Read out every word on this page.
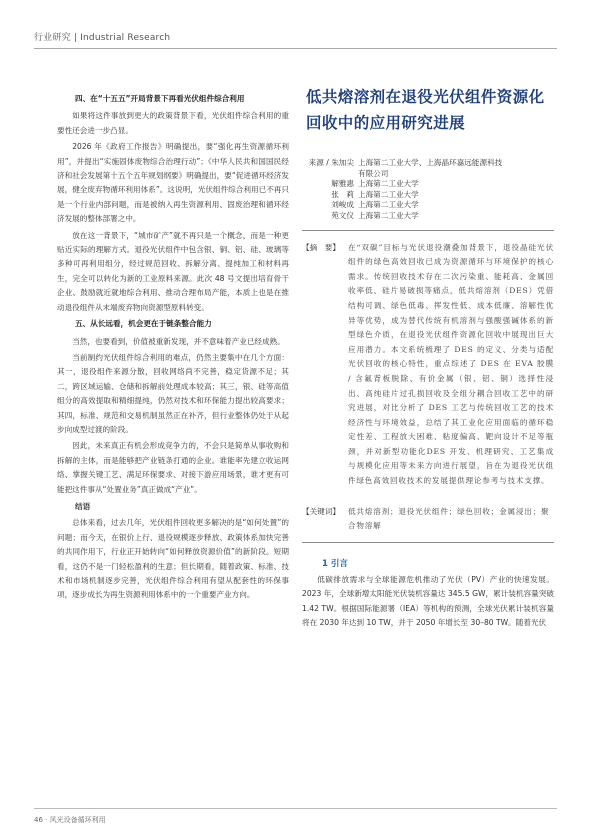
行业研究 | Industrial Research
四、在“十五五”开局背景下再看光伏组件综合利用

如果将这件事放到更大的政策背景下看，光伏组件综合利用的重要性还会进一步凸显。

2026 年《政府工作报告》明确提出，要“强化再生资源循环利用”，并提出“实施固体废物综合治理行动”；《中华人民共和国国民经济和社会发展第十五个五年规划纲要》明确提出，要“促进循环经济发展，健全废弃物循环利用体系”。这说明，光伏组件综合利用已不再只是一个行业内部问题，而是被纳入再生资源利用、固废治理和循环经济发展的整体部署之中。

放在这一背景下，“城市矿产”就不再只是一个概念，而是一种更贴近实际的理解方式。退役光伏组件中包含银、铜、铝、硅、玻璃等多种可再利用组分，经过规范回收、拆解分离、提纯加工和材料再生，完全可以转化为新的工业原料来源。此次 48 号文提出培育骨干企业、鼓励就近就地综合利用、推动合理布局产能，本质上也是在推动退役组件从末端废弃物向资源型原料转变。

五、从长远看，机会更在于链条整合能力

当然，也要看到，价值被重新发现，并不意味着产业已经成熟。

当前制约光伏组件综合利用的难点，仍然主要集中在几个方面：其一，退役组件来源分散，回收网络尚不完善，稳定货源不足；其二，跨区域运输、仓储和拆解前处理成本较高；其三，银、硅等高值组分的高效提取和精细提纯，仍然对技术和环保能力提出较高要求；其四，标准、规范和交易机制虽然正在补齐，但行业整体仍处于从起步向成型过渡的阶段。

因此，未来真正有机会形成竞争力的，不会只是简单从事收购和拆解的主体，而是能够把产业链条打通的企业。谁能率先建立收运网络、掌握关键工艺、满足环保要求、对接下游应用场景，谁才更有可能把这件事从“处置业务”真正做成“产业”。

结语

总体来看，过去几年，光伏组件回收更多解决的是“如何处置”的问题；而今天，在银价上行、退役规模逐步释放、政策体系加快完善的共同作用下，行业正开始转向“如何释放资源价值”的新阶段。短期看，这仍不是一门轻松盈利的生意；但长期看，随着政策、标准、技术和市场机制逐步完善，光伏组件综合利用有望从配套性的环保事项，逐步成长为再生资源利用体系中的一个重要产业方向。

低共熔溶剂在退役光伏组件资源化回收中的应用研究进展
来源 / 朱加尖 上海第二工业大学、上海晶环嘉远能源科技
有限公司
解雅惠 上海第二工业大学
张　莉 上海第二工业大学
刘峻成 上海第二工业大学
苑文仪 上海第二工业大学
【摘　要】	在“双碳”目标与光伏退役潮叠加背景下，退役晶硅光伏组件的绿色高效回收已成为资源循环与环境保护的核心需求。传统回收技术存在二次污染重、能耗高、金属回收率低、硅片易破损等痛点，低共熔溶剂（DES）凭借结构可调、绿色低毒、挥发性低、成本低廉、溶解性优异等优势，成为替代传统有机溶剂与强酸强碱体系的新型绿色介质，在退役光伏组件资源化回收中展现出巨大应用潜力。本文系统梳理了 DES 的定义、分类与适配光伏回收的核心特性，重点综述了 DES 在 EVA 胶膜 / 含氟背板脱除、有价金属（银、铝、铜）选择性浸出、高纯硅片过孔损回收及全组分耦合回收工艺中的研究进展，对比分析了 DES 工艺与传统回收工艺的技术经济性与环境效益，总结了其工业化应用面临的循环稳定性差、工程放大困难、粘度偏高、靶向设计不足等瓶颈，并对新型功能化DES 开发、机理研究、工艺集成与规模化应用等未来方向进行展望，旨在为退役光伏组件绿色高效回收技术的发展提供理论参考与技术支撑。
【关键词】	低共熔溶剂；退役光伏组件；绿色回收；金属浸出；聚合物溶解
1 引言

低碳排放需求与全球能源危机推动了光伏（PV）产业的快速发展。2023 年，全球新增太阳能光伏装机容量达 345.5 GW，累计装机容量突破 1.42 TW。根据国际能源署（IEA）等机构的预测，全球光伏累计装机容量将在 2030 年达到 10 TW，并于 2050 年增长至 30–80 TW。随着光伏

46 · 风光设备循环利用
